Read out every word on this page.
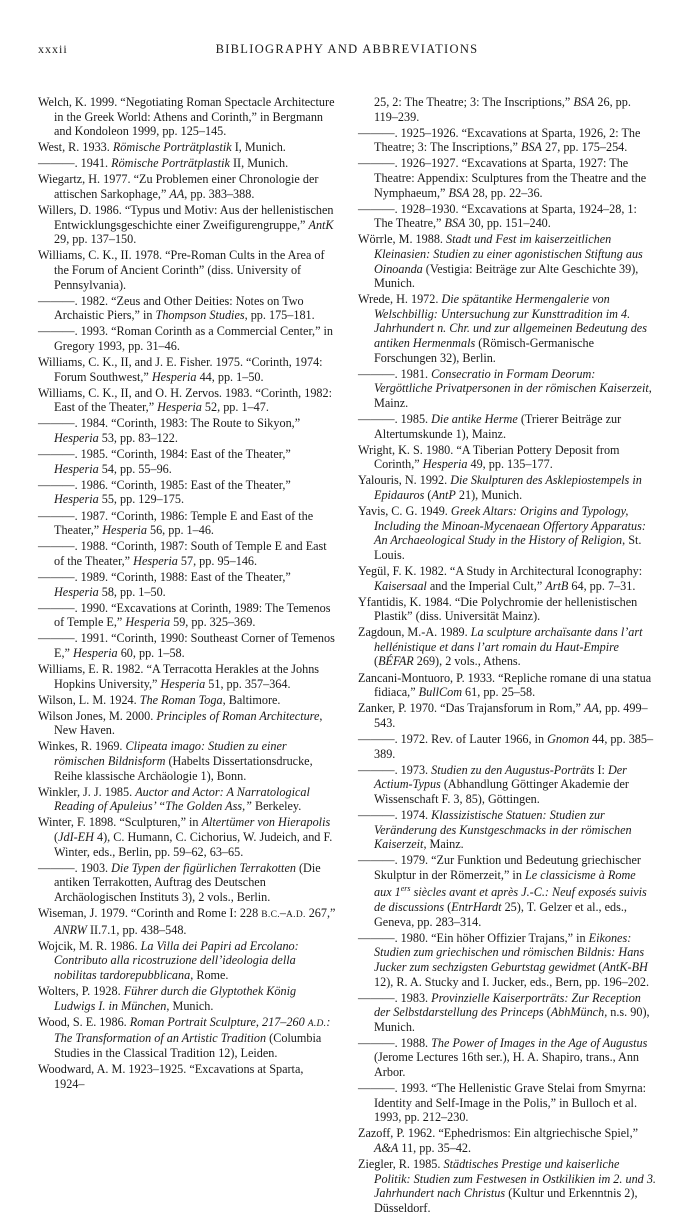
xxxii	BIBLIOGRAPHY AND ABBREVIATIONS

Welch, K. 1999. “Negotiating Roman Spectacle Architecture in the Greek World: Athens and Corinth,” in Bergmann and Kondoleon 1999, pp. 125–145.

West, R. 1933. Römische Porträtplastik I, Munich.

———. 1941. Römische Porträtplastik II, Munich.

Wiegartz, H. 1977. “Zu Problemen einer Chronologie der attischen Sarkophage,” AA, pp. 383–388.

Willers, D. 1986. “Typus und Motiv: Aus der hellenistischen Entwicklungsgeschichte einer Zweifigurengruppe,” AntK 29, pp. 137–150.

Williams, C. K., II. 1978. “Pre-Roman Cults in the Area of the Forum of Ancient Corinth” (diss. University of Pennsylvania).

———. 1982. “Zeus and Other Deities: Notes on Two Archaistic Piers,” in Thompson Studies, pp. 175–181.

———. 1993. “Roman Corinth as a Commercial Center,” in Gregory 1993, pp. 31–46.

Williams, C. K., II, and J. E. Fisher. 1975. “Corinth, 1974: Forum Southwest,” Hesperia 44, pp. 1–50.

Williams, C. K., II, and O. H. Zervos. 1983. “Corinth, 1982: East of the Theater,” Hesperia 52, pp. 1–47.

———. 1984. “Corinth, 1983: The Route to Sikyon,” Hesperia 53, pp. 83–122.

———. 1985. “Corinth, 1984: East of the Theater,” Hesperia 54, pp. 55–96.

———. 1986. “Corinth, 1985: East of the Theater,” Hesperia 55, pp. 129–175.

———. 1987. “Corinth, 1986: Temple E and East of the Theater,” Hesperia 56, pp. 1–46.

———. 1988. “Corinth, 1987: South of Temple E and East of the Theater,” Hesperia 57, pp. 95–146.

———. 1989. “Corinth, 1988: East of the Theater,” Hesperia 58, pp. 1–50.

———. 1990. “Excavations at Corinth, 1989: The Temenos of Temple E,” Hesperia 59, pp. 325–369.

———. 1991. “Corinth, 1990: Southeast Corner of Temenos E,” Hesperia 60, pp. 1–58.

Williams, E. R. 1982. “A Terracotta Herakles at the Johns Hopkins University,” Hesperia 51, pp. 357–364.

Wilson, L. M. 1924. The Roman Toga, Baltimore.

Wilson Jones, M. 2000. Principles of Roman Architecture, New Haven.

Winkes, R. 1969. Clipeata imago: Studien zu einer römischen Bildnisform (Habelts Dissertationsdrucke, Reihe klassische Archäologie 1), Bonn.

Winkler, J. J. 1985. Auctor and Actor: A Narratological Reading of Apuleius’ “The Golden Ass,” Berkeley.

Winter, F. 1898. “Sculpturen,” in Altertümer von Hierapolis (JdI-EH 4), C. Humann, C. Cichorius, W. Judeich, and F. Winter, eds., Berlin, pp. 59–62, 63–65.

———. 1903. Die Typen der figürlichen Terrakotten (Die antiken Terrakotten, Auftrag des Deutschen Archäologischen Instituts 3), 2 vols., Berlin.

Wiseman, J. 1979. “Corinth and Rome I: 228 B.C.–A.D. 267,” ANRW II.7.1, pp. 438–548.

Wojcik, M. R. 1986. La Villa dei Papiri ad Ercolano: Contributo alla ricostruzione dell’ideologia della nobilitas tardorepubblicana, Rome.

Wolters, P. 1928. Führer durch die Glyptothek König Ludwigs I. in München, Munich.

Wood, S. E. 1986. Roman Portrait Sculpture, 217–260 A.D.: The Transformation of an Artistic Tradition (Columbia Studies in the Classical Tradition 12), Leiden.

Woodward, A. M. 1923–1925. “Excavations at Sparta, 1924–

25, 2: The Theatre; 3: The Inscriptions,” BSA 26, pp. 119–239.

———. 1925–1926. “Excavations at Sparta, 1926, 2: The Theatre; 3: The Inscriptions,” BSA 27, pp. 175–254.

———. 1926–1927. “Excavations at Sparta, 1927: The Theatre: Appendix: Sculptures from the Theatre and the Nymphaeum,” BSA 28, pp. 22–36.

———. 1928–1930. “Excavations at Sparta, 1924–28, 1: The Theatre,” BSA 30, pp. 151–240.

Wörrle, M. 1988. Stadt und Fest im kaiserzeitlichen Kleinasien: Studien zu einer agonistischen Stiftung aus Oinoanda (Vestigia: Beiträge zur Alte Geschichte 39), Munich.

Wrede, H. 1972. Die spätantike Hermengalerie von Welschbillig: Untersuchung zur Kunsttradition im 4. Jahrhundert n. Chr. und zur allgemeinen Bedeutung des antiken Hermenmals (Römisch-Germanische Forschungen 32), Berlin.

———. 1981. Consecratio in Formam Deorum: Vergöttliche Privatpersonen in der römischen Kaiserzeit, Mainz.

———. 1985. Die antike Herme (Trierer Beiträge zur Altertumskunde 1), Mainz.

Wright, K. S. 1980. “A Tiberian Pottery Deposit from Corinth,” Hesperia 49, pp. 135–177.

Yalouris, N. 1992. Die Skulpturen des Asklepiostempels in Epidauros (AntP 21), Munich.

Yavis, C. G. 1949. Greek Altars: Origins and Typology, Including the Minoan-Mycenaean Offertory Apparatus: An Archaeological Study in the History of Religion, St. Louis.

Yegül, F. K. 1982. “A Study in Architectural Iconography: Kaisersaal and the Imperial Cult,” ArtB 64, pp. 7–31.

Yfantidis, K. 1984. “Die Polychromie der hellenistischen Plastik” (diss. Universität Mainz).

Zagdoun, M.-A. 1989. La sculpture archaïsante dans l’art hellénistique et dans l’art romain du Haut-Empire (BÉFAR 269), 2 vols., Athens.

Zancani-Montuoro, P. 1933. “Repliche romane di una statua fidiaca,” BullCom 61, pp. 25–58.

Zanker, P. 1970. “Das Trajansforum in Rom,” AA, pp. 499–543.

———. 1972. Rev. of Lauter 1966, in Gnomon 44, pp. 385–389.

———. 1973. Studien zu den Augustus-Porträts I: Der Actium-Typus (Abhandlung Göttinger Akademie der Wissenschaft F. 3, 85), Göttingen.

———. 1974. Klassizistische Statuen: Studien zur Veränderung des Kunstgeschmacks in der römischen Kaiserzeit, Mainz.

———. 1979. “Zur Funktion und Bedeutung griechischer Skulptur in der Römerzeit,” in Le classicisme à Rome aux 1ers siècles avant et après J.-C.: Neuf exposés suivis de discussions (EntrHardt 25), T. Gelzer et al., eds., Geneva, pp. 283–314.

———. 1980. “Ein höher Offizier Trajans,” in Eikones: Studien zum griechischen und römischen Bildnis: Hans Jucker zum sechzigsten Geburtstag gewidmet (AntK-BH 12), R. A. Stucky and I. Jucker, eds., Bern, pp. 196–202.

———. 1983. Provinzielle Kaiserporträts: Zur Reception der Selbstdarstellung des Princeps (AbhMünch, n.s. 90), Munich.

———. 1988. The Power of Images in the Age of Augustus (Jerome Lectures 16th ser.), H. A. Shapiro, trans., Ann Arbor.

———. 1993. “The Hellenistic Grave Stelai from Smyrna: Identity and Self-Image in the Polis,” in Bulloch et al. 1993, pp. 212–230.

Zazoff, P. 1962. “Ephedrismos: Ein altgriechische Spiel,” A&A 11, pp. 35–42.

Ziegler, R. 1985. Städtisches Prestige und kaiserliche Politik: Studien zum Festwesen in Ostkilikien im 2. und 3. Jahrhundert nach Christus (Kultur und Erkenntnis 2), Düsseldorf.
